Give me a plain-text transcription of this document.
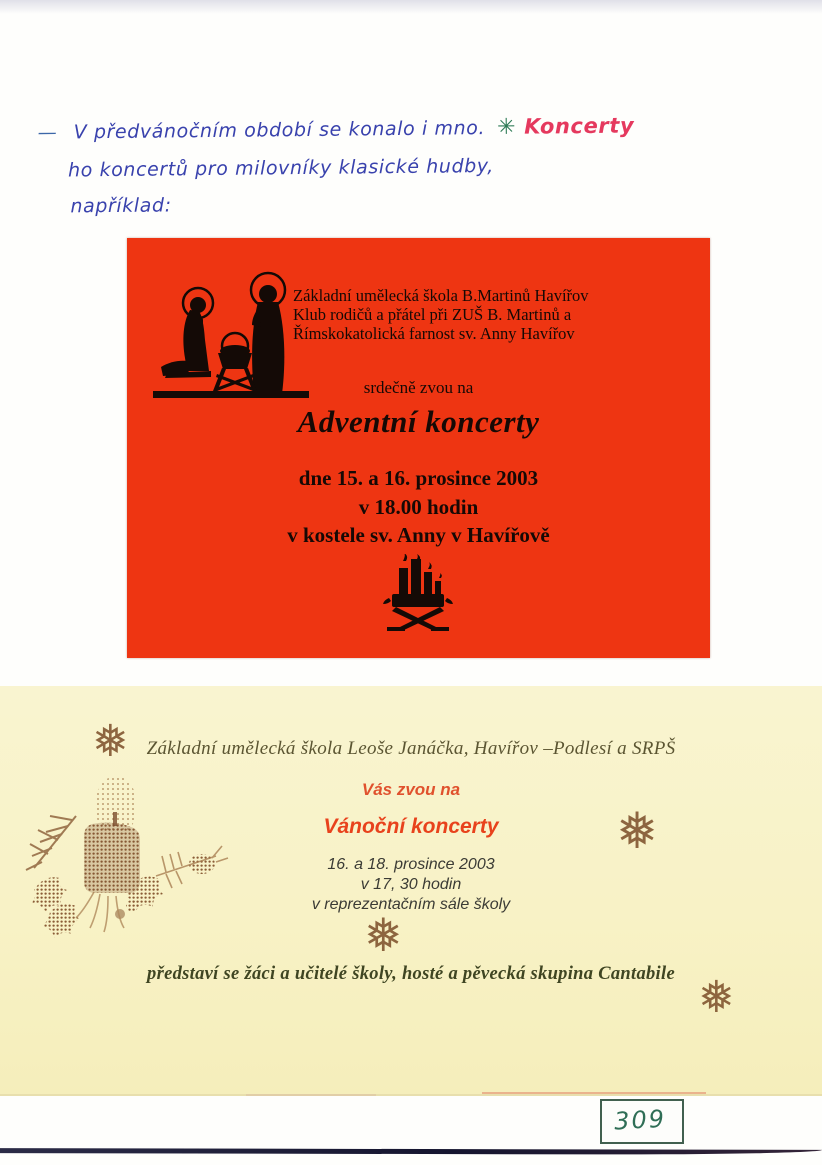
— V předvánočním období se konalo i mno. ✳ Koncerty
ho koncertů pro milovníky klasické hudby,
například:
Základní umělecká škola B.Martinů Havířov
Klub rodičů a přátel při ZUŠ B. Martinů a
Římskokatolická farnost sv. Anny Havířov
srdečně zvou na
Adventní koncerty
dne 15. a 16. prosince 2003
v 18.00 hodin
v kostele sv. Anny v Havířově
❅
❅
❅
❅
Základní umělecká škola Leoše Janáčka, Havířov –Podlesí a SRPŠ
Vás zvou na
Vánoční koncerty
16. a 18. prosince 2003
v 17, 30 hodin
v reprezentačním sále školy
představí se žáci a učitelé školy, hosté a pěvecká skupina Cantabile
309
